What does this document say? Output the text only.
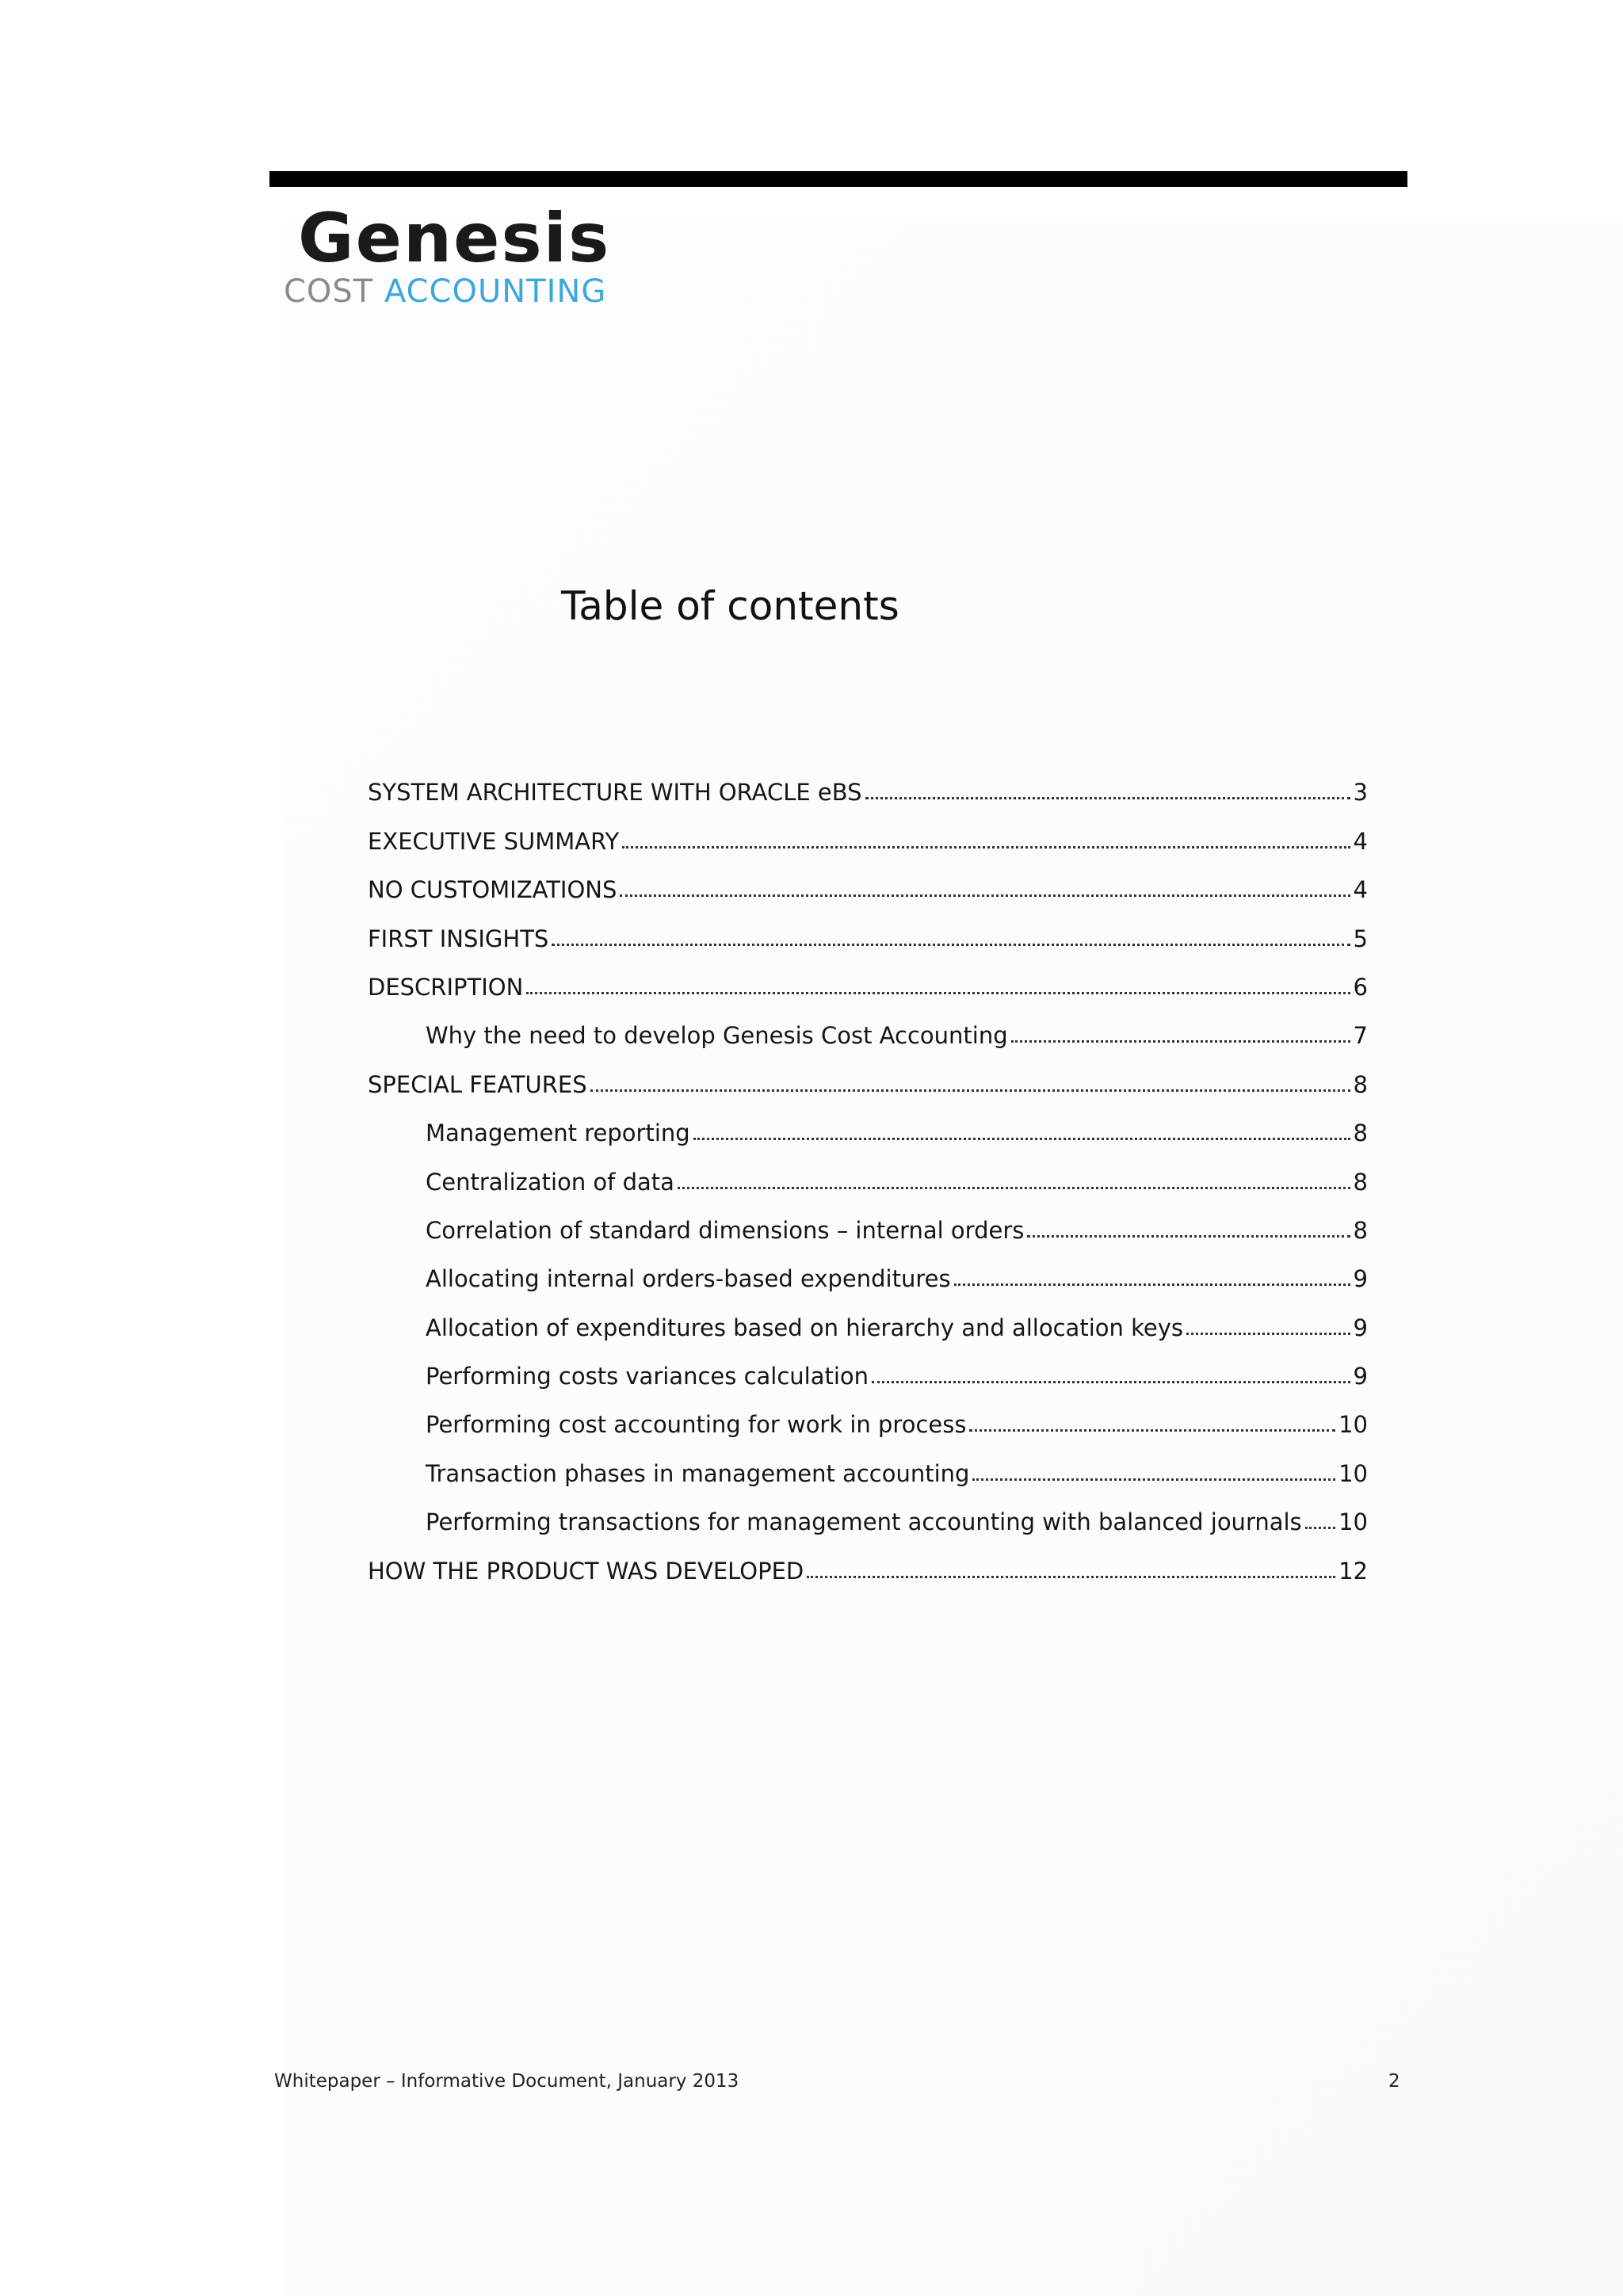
Genesis
COST ACCOUNTING
Table of contents
SYSTEM ARCHITECTURE WITH ORACLE eBS	3
EXECUTIVE SUMMARY	4
NO CUSTOMIZATIONS	4
FIRST INSIGHTS	5
DESCRIPTION	6
Why the need to develop Genesis Cost Accounting	7
SPECIAL FEATURES	8
Management reporting	8
Centralization of data	8
Correlation of standard dimensions – internal orders	8
Allocating internal orders-based expenditures	9
Allocation of expenditures based on hierarchy and allocation keys	9
Performing costs variances calculation	9
Performing cost accounting for work in process	10
Transaction phases in management accounting	10
Performing transactions for management accounting with balanced journals 10
HOW THE PRODUCT WAS DEVELOPED	12
Whitepaper – Informative Document, January 2013	2
